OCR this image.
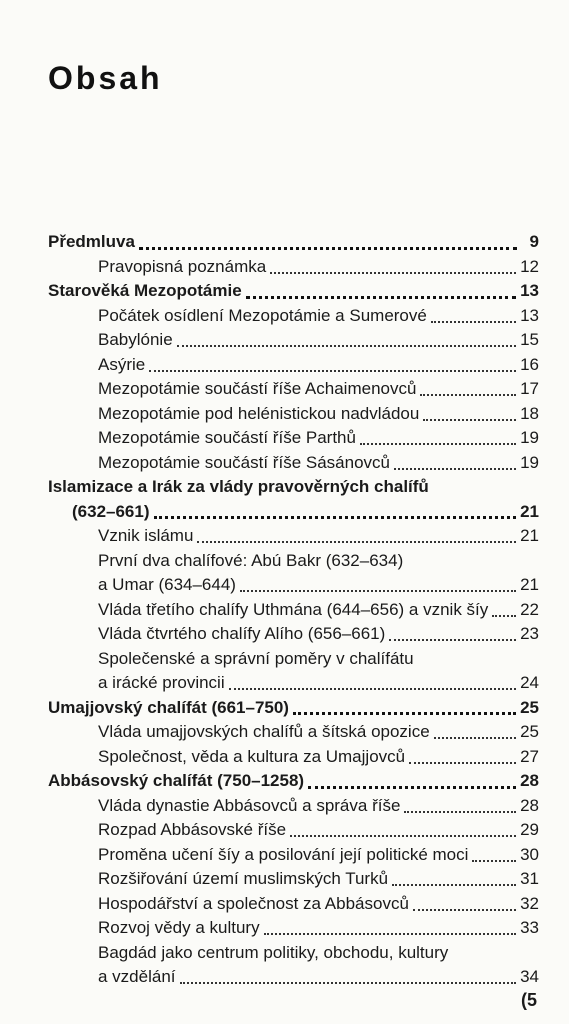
Obsah
Předmluva	9
Pravopisná poznámka	12
Starověká Mezopotámie	13
Počátek osídlení Mezopotámie a Sumerové	13
Babylónie	15
Asýrie	16
Mezopotámie součástí říše Achaimenovců	17
Mezopotámie pod helénistickou nadvládou	18
Mezopotámie součástí říše Parthů	19
Mezopotámie součástí říše Sásánovců	19
Islamizace a Irák za vlády pravověrných chalífů
(632–661)	21
Vznik islámu	21
První dva chalífové: Abú Bakr (632–634)
a Umar (634–644)	21
Vláda třetího chalífy Uthmána (644–656) a vznik šíy 22
Vláda čtvrtého chalífy Alího (656–661)	23
Společenské a správní poměry v chalífátu
a irácké provincii	24
Umajjovský chalífát (661–750)	25
Vláda umajjovských chalífů a šítská opozice	25
Společnost, věda a kultura za Umajjovců	27
Abbásovský chalífát (750–1258)	28
Vláda dynastie Abbásovců a správa říše	28
Rozpad Abbásovské říše	29
Proměna učení šíy a posilování její politické moci	30
Rozšiřování území muslimských Turků	31
Hospodářství a společnost za Abbásovců	32
Rozvoj vědy a kultury	33
Bagdád jako centrum politiky, obchodu, kultury
a vzdělání	34
(5
